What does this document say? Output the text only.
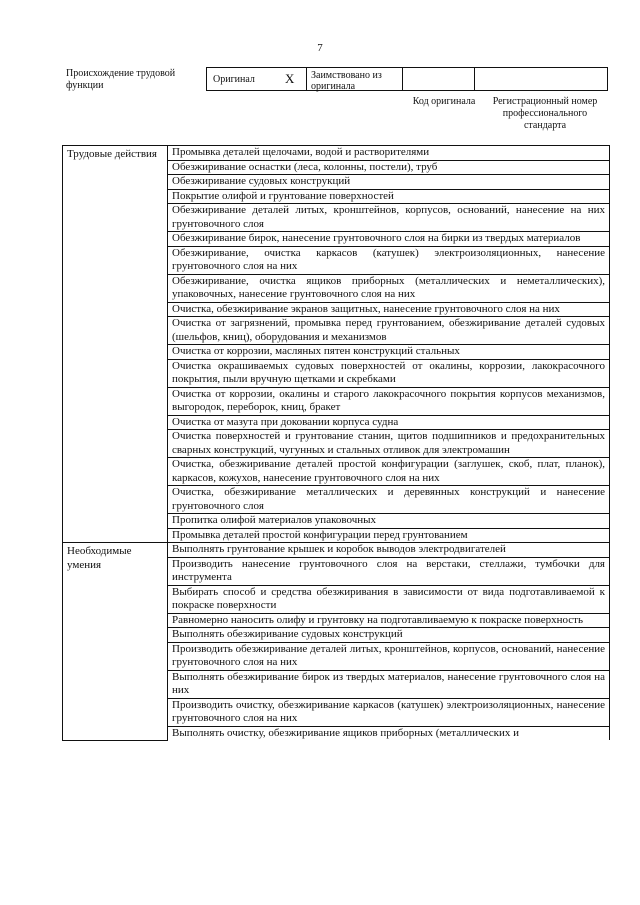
7
Происхождение трудовой функции
Оригинал Х	Заимствовано из оригинала
Код оригинала	Регистрационный номер профессионального стандарта
Трудовые действия	Промывка деталей щелочами, водой и растворителями
	Обезжиривание оснастки (леса, колонны, постели), труб
	Обезжиривание судовых конструкций
	Покрытие олифой и грунтование поверхностей
	Обезжиривание деталей литых, кронштейнов, корпусов, оснований, нанесение на них грунтовочного слоя
	Обезжиривание бирок, нанесение грунтовочного слоя на бирки из твердых материалов
	Обезжиривание, очистка каркасов (катушек) электроизоляционных, нанесение грунтовочного слоя на них
	Обезжиривание, очистка ящиков приборных (металлических и неметаллических), упаковочных, нанесение грунтовочного слоя на них
	Очистка, обезжиривание экранов защитных, нанесение грунтовочного слоя на них
	Очистка от загрязнений, промывка перед грунтованием, обезжиривание деталей судовых (шельфов, книц), оборудования и механизмов
	Очистка от коррозии, масляных пятен конструкций стальных
	Очистка окрашиваемых судовых поверхностей от окалины, коррозии, лакокрасочного покрытия, пыли вручную щетками и скребками
	Очистка от коррозии, окалины и старого лакокрасочного покрытия корпусов механизмов, выгородок, переборок, книц, бракет
	Очистка от мазута при доковании корпуса судна
	Очистка поверхностей и грунтование станин, щитов подшипников и предохранительных сварных конструкций, чугунных и стальных отливок для электромашин
	Очистка, обезжиривание деталей простой конфигурации (заглушек, скоб, плат, планок), каркасов, кожухов, нанесение грунтовочного слоя на них
	Очистка, обезжиривание металлических и деревянных конструкций и нанесение грунтовочного слоя
	Пропитка олифой материалов упаковочных
	Промывка деталей простой конфигурации перед грунтованием
Необходимые умения	Выполнять грунтование крышек и коробок выводов электродвигателей
	Производить нанесение грунтовочного слоя на верстаки, стеллажи, тумбочки для инструмента
	Выбирать способ и средства обезжиривания в зависимости от вида подготавливаемой к покраске поверхности
	Равномерно наносить олифу и грунтовку на подготавливаемую к покраске поверхность
	Выполнять обезжиривание судовых конструкций
	Производить обезжиривание деталей литых, кронштейнов, корпусов, оснований, нанесение грунтовочного слоя на них
	Выполнять обезжиривание бирок из твердых материалов, нанесение грунтовочного слоя на них
	Производить очистку, обезжиривание каркасов (катушек) электроизоляционных, нанесение грунтовочного слоя на них
	Выполнять очистку, обезжиривание ящиков приборных (металлических и
